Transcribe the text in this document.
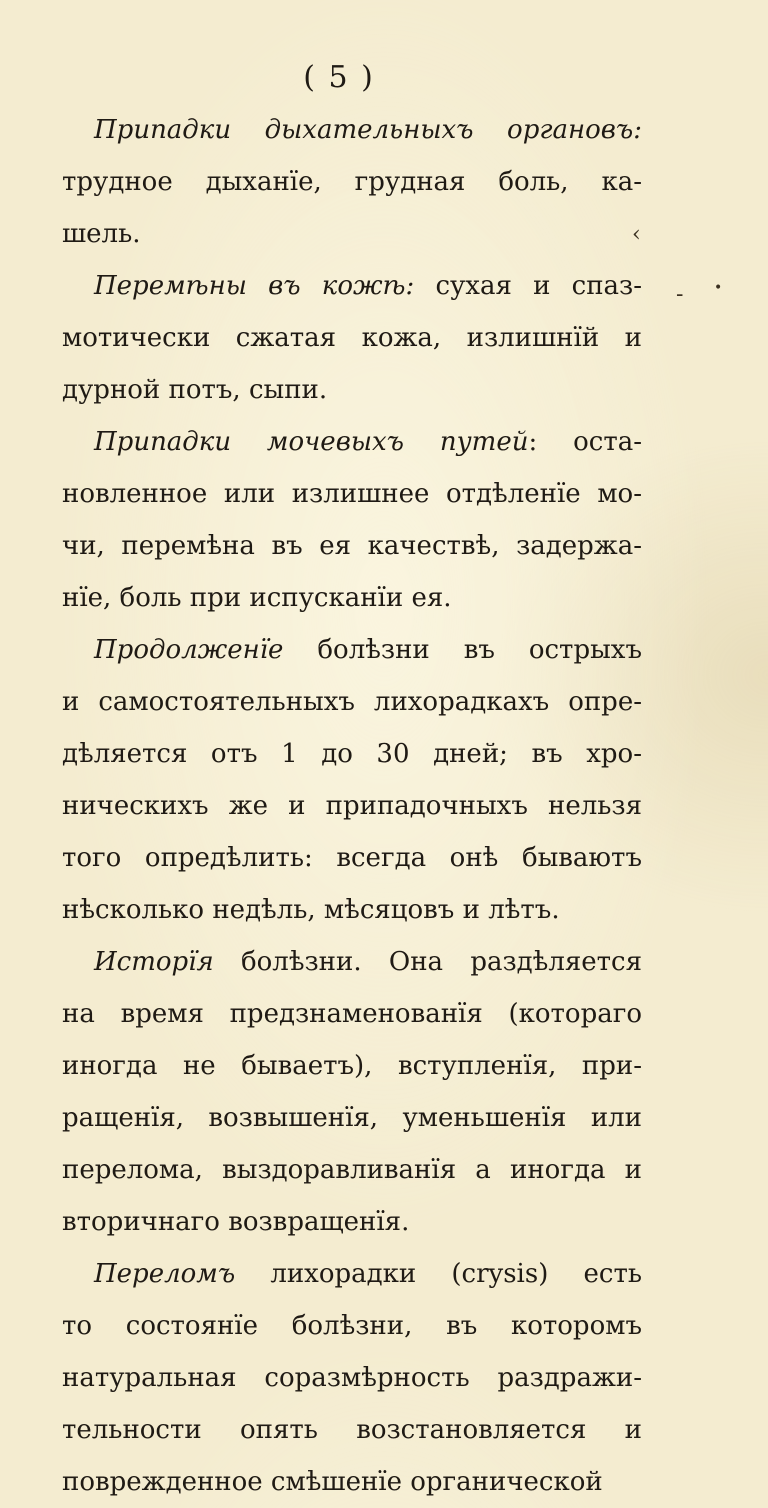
( 5 )
Припадки дыхательныхъ органовъ:
трудное дыханïе, грудная боль, ка-
шель.
Перемѣны въ кожѣ: сухая и спаз-
мотически сжатая кожа, излишнïй и
дурной потъ, сыпи.
Припадки мочевыхъ путей: оста-
новленное или излишнее отдѣленïе мо-
чи, перемѣна въ ея качествѣ, задержа-
нïе, боль при испусканïи ея.
Продолженïе болѣзни въ острыхъ
и самостоятельныхъ лихорадкахъ опре-
дѣляется отъ 1 до 30 дней; въ хро-
ническихъ же и припадочныхъ нельзя
того опредѣлить: всегда онѣ бываютъ
нѣсколько недѣль, мѣсяцовъ и лѣтъ.
Исторïя болѣзни. Она раздѣляется
на время предзнаменованïя (котораго
иногда не бываетъ), вступленïя, при-
ращенïя, возвышенïя, уменьшенïя или
перелома, выздоравливанïя а иногда и
вторичнаго возвращенïя.
Переломъ лихорадки (crysis) есть
то состоянïе болѣзни, въ которомъ
натуральная соразмѣрность раздражи-
тельности опять возстановляется и
поврежденное смѣшенïе органической
‹
- •
